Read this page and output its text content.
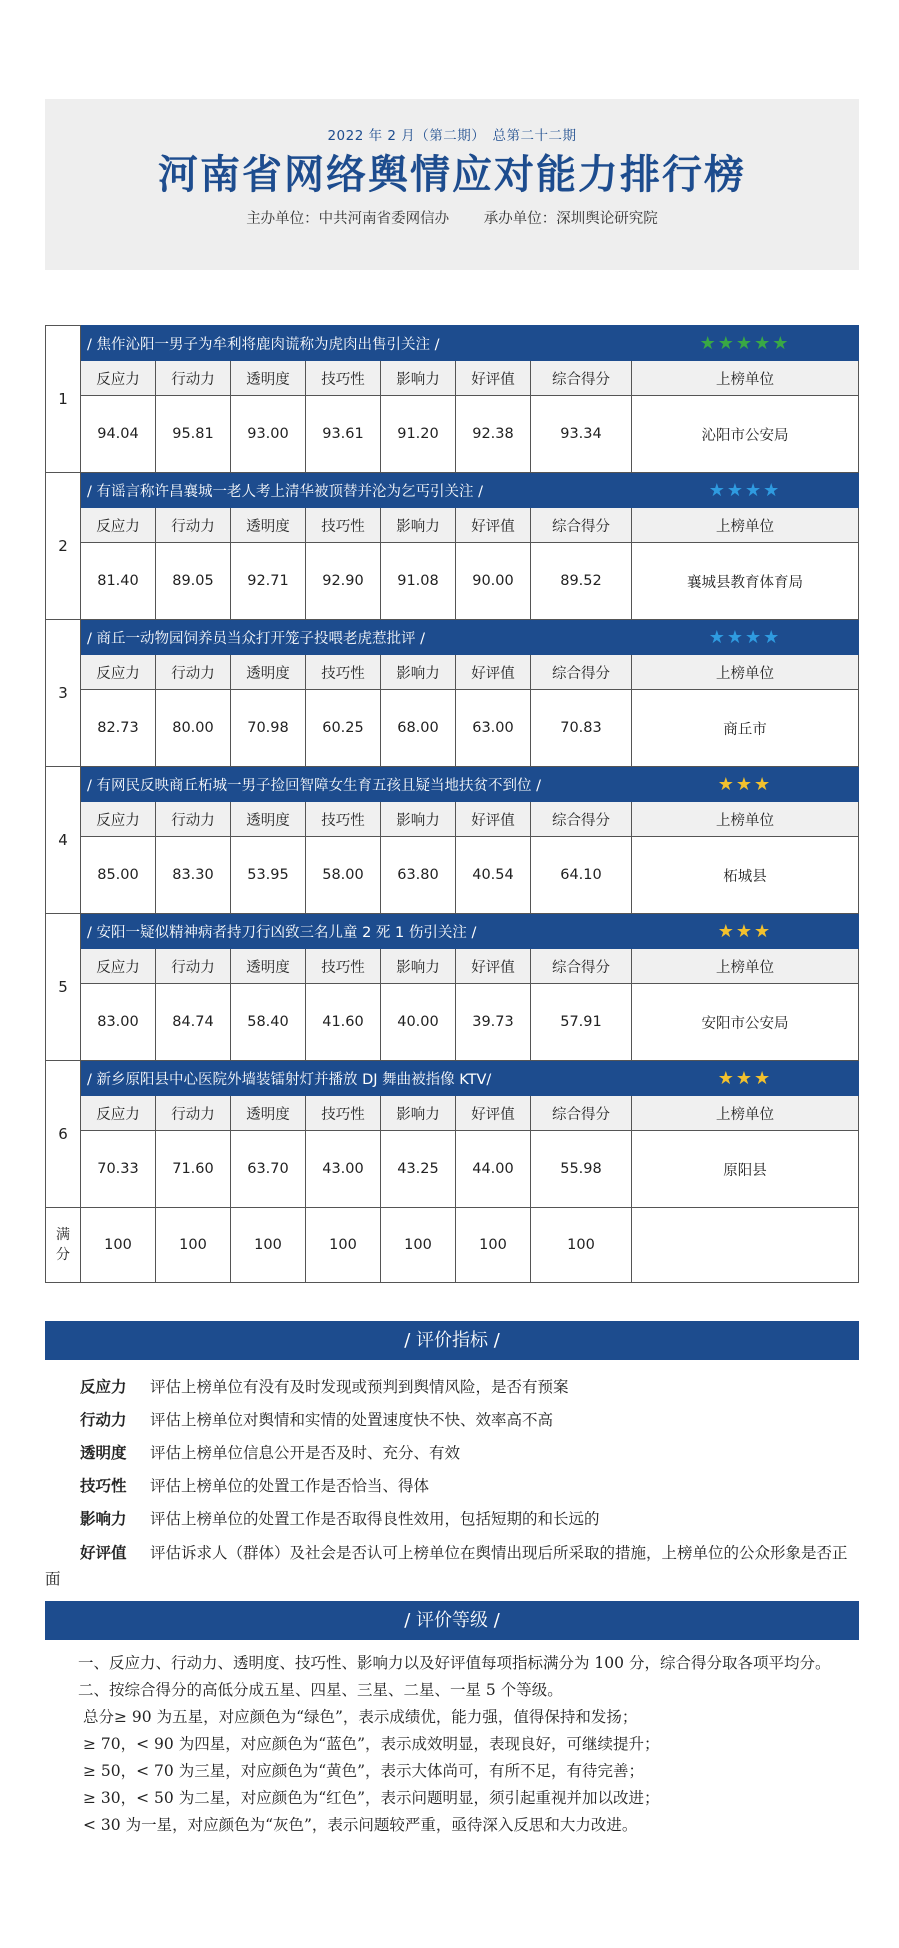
2022 年 2 月（第二期）　总第二十二期
河南省网络舆情应对能力排行榜
主办单位：中共河南省委网信办 承办单位：深圳舆论研究院
1	/ 焦作沁阳一男子为牟利将鹿肉谎称为虎肉出售引关注 / ★★★★★							

	反应力	行动力	透明度	技巧性	影响力	好评值	综合得分	上榜单位
	94.04	95.81	93.00	93.61	91.20	92.38	93.34	沁阳市公安局
2	/ 有谣言称许昌襄城一老人考上清华被顶替并沦为乞丐引关注 / ★★★★							

	反应力	行动力	透明度	技巧性	影响力	好评值	综合得分	上榜单位
	81.40	89.05	92.71	92.90	91.08	90.00	89.52	襄城县教育体育局
3	/ 商丘一动物园饲养员当众打开笼子投喂老虎惹批评 / ★★★★							

	反应力	行动力	透明度	技巧性	影响力	好评值	综合得分	上榜单位
	82.73	80.00	70.98	60.25	68.00	63.00	70.83	商丘市
4	/ 有网民反映商丘柘城一男子捡回智障女生育五孩且疑当地扶贫不到位 / ★★★							

	反应力	行动力	透明度	技巧性	影响力	好评值	综合得分	上榜单位
	85.00	83.30	53.95	58.00	63.80	40.54	64.10	柘城县
5	/ 安阳一疑似精神病者持刀行凶致三名儿童 2 死 1 伤引关注 / ★★★							

	反应力	行动力	透明度	技巧性	影响力	好评值	综合得分	上榜单位
	83.00	84.74	58.40	41.60	40.00	39.73	57.91	安阳市公安局
6	/ 新乡原阳县中心医院外墙装镭射灯并播放 DJ 舞曲被指像 KTV/ ★★★							

	反应力	行动力	透明度	技巧性	影响力	好评值	综合得分	上榜单位
	70.33	71.60	63.70	43.00	43.25	44.00	55.98	原阳县
满分	100	100	100	100	100	100	100	
/ 评价指标 /
反应力 评估上榜单位有没有及时发现或预判到舆情风险，是否有预案
行动力 评估上榜单位对舆情和实情的处置速度快不快、效率高不高
透明度 评估上榜单位信息公开是否及时、充分、有效
技巧性 评估上榜单位的处置工作是否恰当、得体
影响力 评估上榜单位的处置工作是否取得良性效用，包括短期的和长远的
好评值 评估诉求人（群体）及社会是否认可上榜单位在舆情出现后所采取的措施，上榜单位的公众形象是否正面
/ 评价等级 /

一、反应力、行动力、透明度、技巧性、影响力以及好评值每项指标满分为 100 分，综合得分取各项平均分。

二、按综合得分的高低分成五星、四星、三星、二星、一星 5 个等级。

总分≥ 90 为五星，对应颜色为“绿色”，表示成绩优，能力强，值得保持和发扬；

≥ 70，< 90 为四星，对应颜色为“蓝色”，表示成效明显，表现良好，可继续提升；

≥ 50，< 70 为三星，对应颜色为“黄色”，表示大体尚可，有所不足，有待完善；

≥ 30，< 50 为二星，对应颜色为“红色”，表示问题明显，须引起重视并加以改进；

< 30 为一星，对应颜色为“灰色”，表示问题较严重，亟待深入反思和大力改进。
